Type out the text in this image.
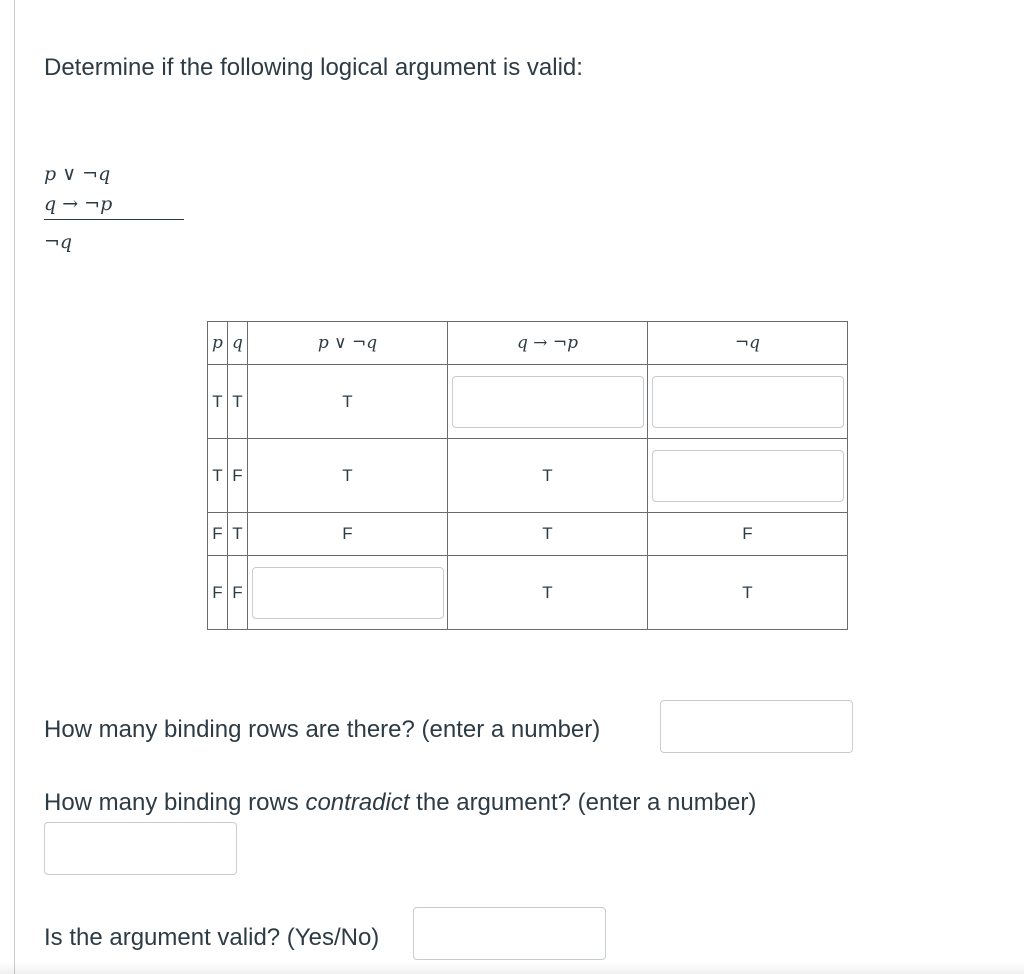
Determine if the following logical argument is valid:
p ∨ ¬q
q → ¬p
¬q
p	q	p ∨ ¬q	q → ¬p	¬q
T	T	T	

T	F	T	T	

F	T	F	T	F
F	F		T	T
How many binding rows are there? (enter a number)
How many binding rows contradict the argument? (enter a number)
Is the argument valid? (Yes/No)
